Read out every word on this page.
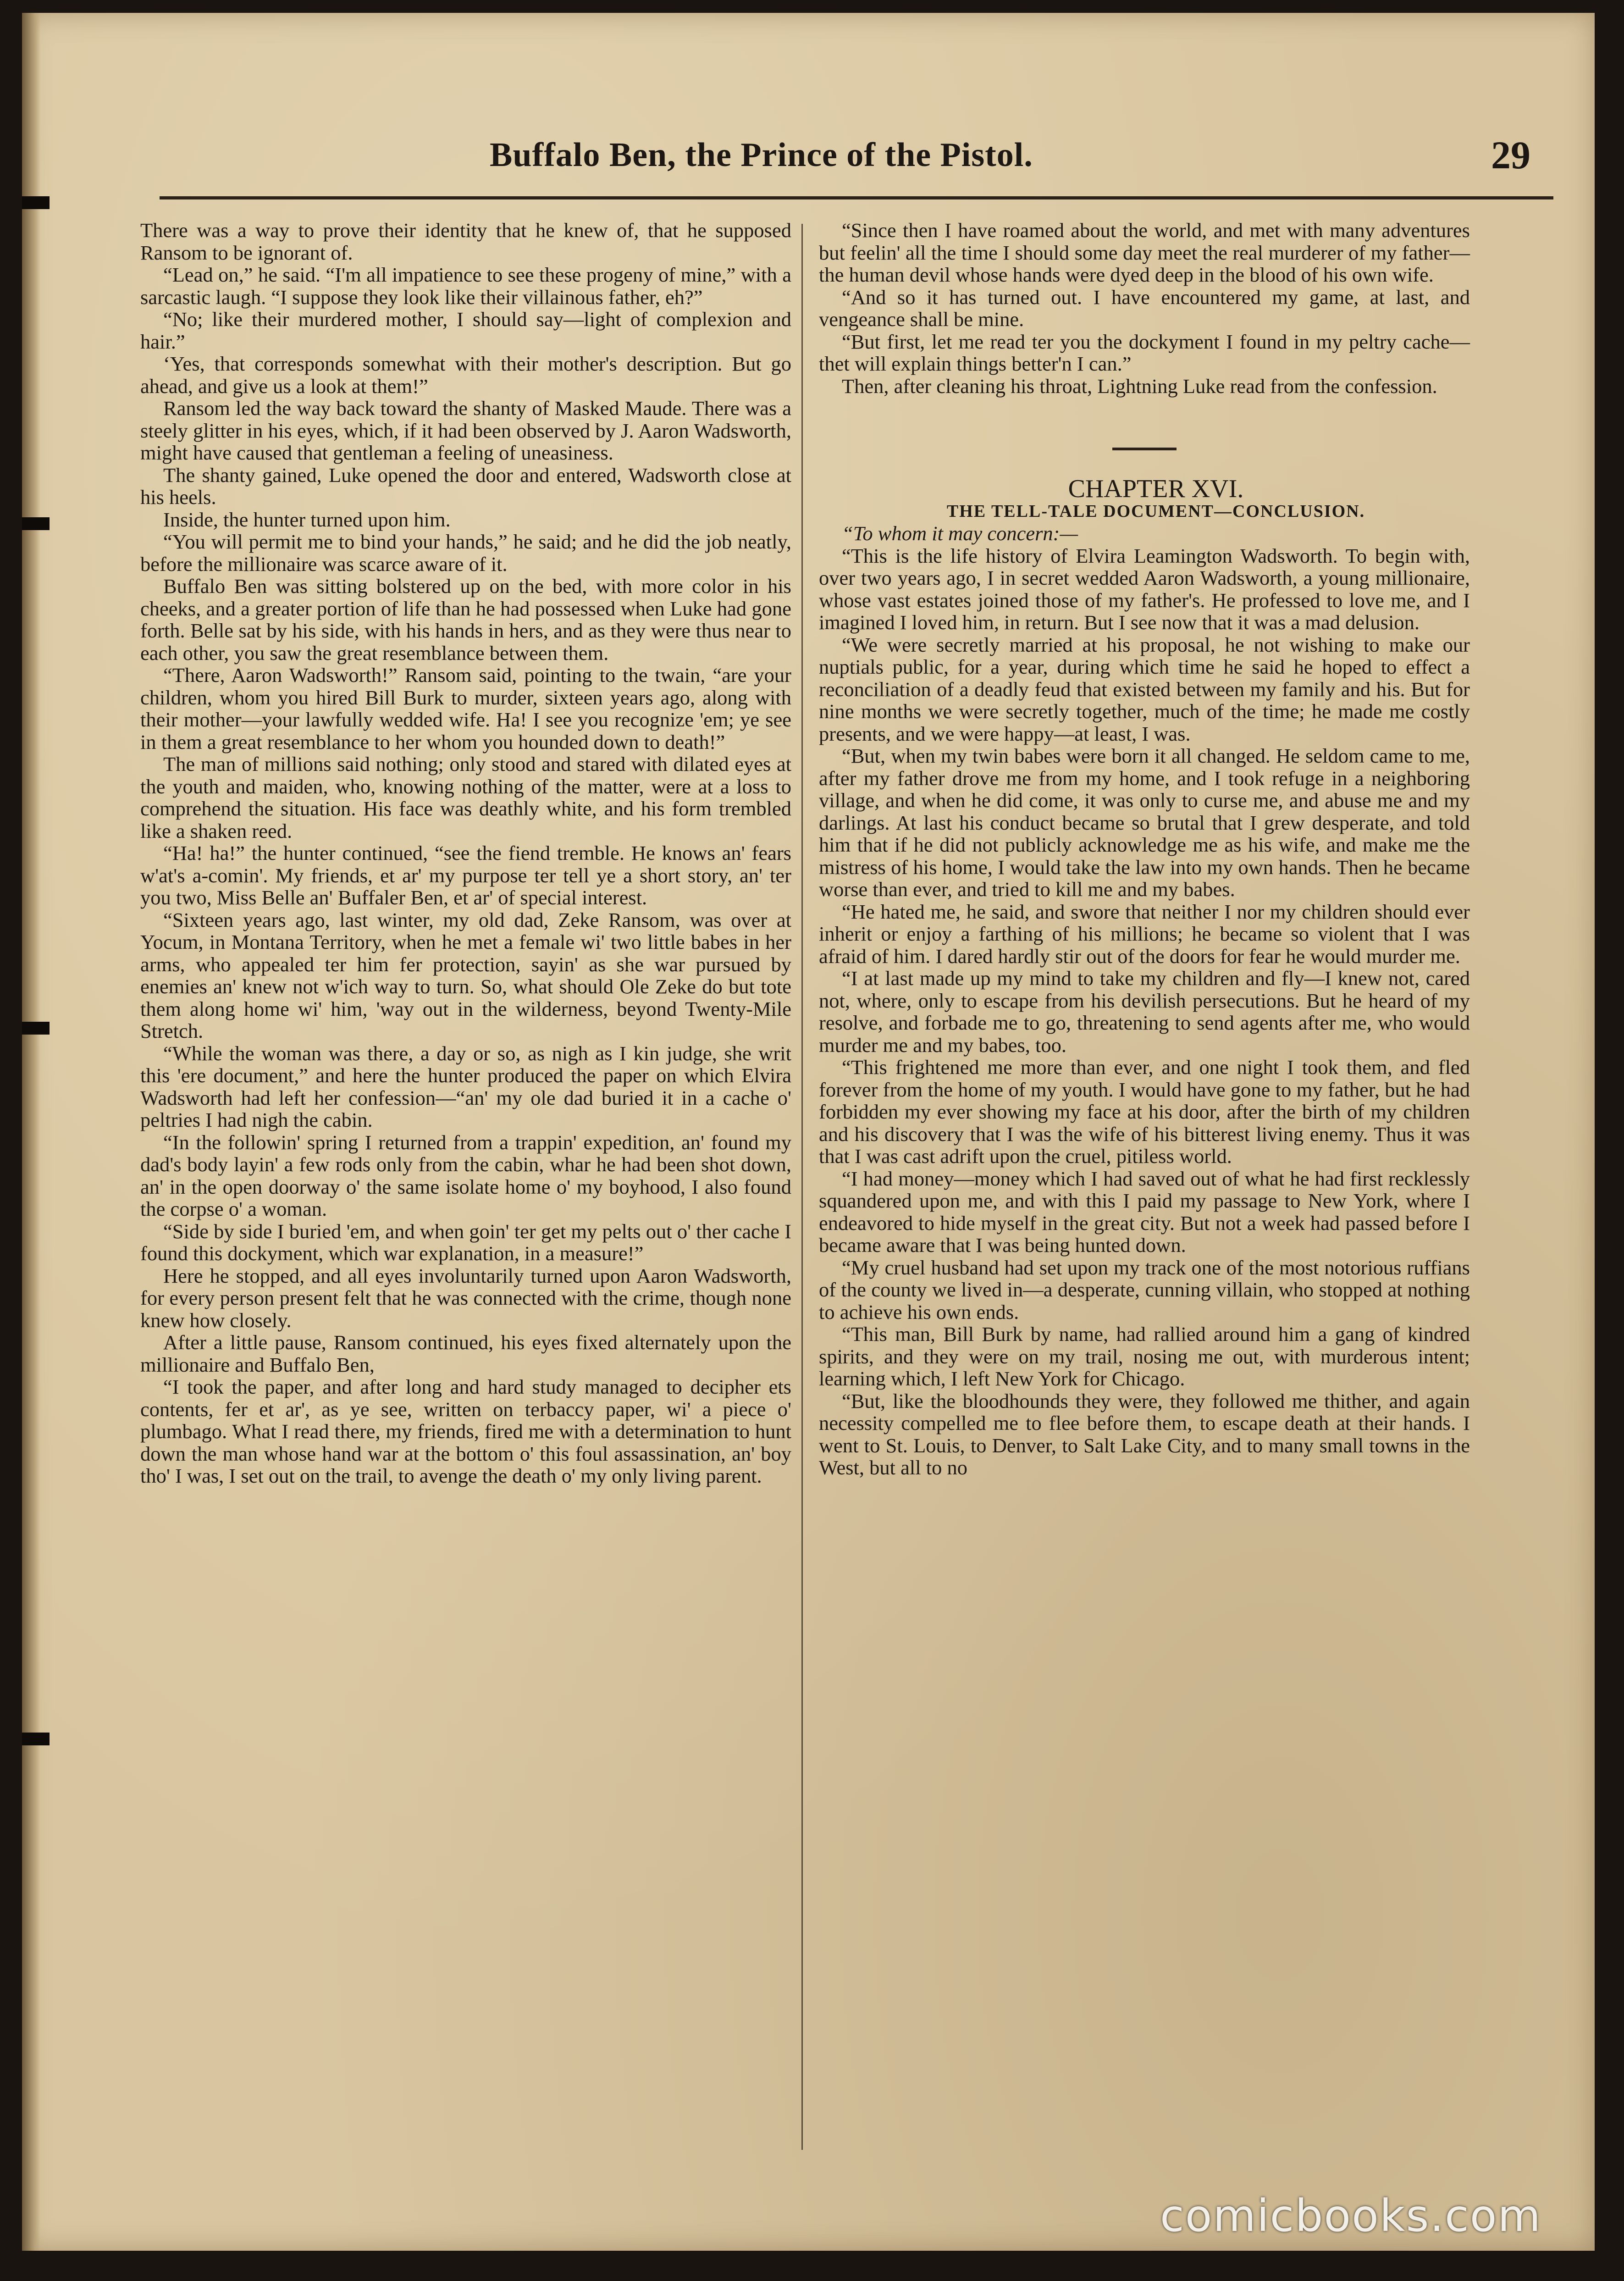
Buffalo Ben, the Prince of the Pistol.	29

There was a way to prove their identity that he knew of, that he supposed Ransom to be ignorant of.

“Lead on,” he said. “I'm all impatience to see these progeny of mine,” with a sarcastic laugh. “I suppose they look like their villainous father, eh?”

“No; like their murdered mother, I should say—light of complexion and hair.”

‘Yes, that corresponds somewhat with their mother's description. But go ahead, and give us a look at them!”

Ransom led the way back toward the shanty of Masked Maude. There was a steely glitter in his eyes, which, if it had been observed by J. Aaron Wadsworth, might have caused that gentleman a feeling of uneasiness.

The shanty gained, Luke opened the door and entered, Wadsworth close at his heels.

Inside, the hunter turned upon him.

“You will permit me to bind your hands,” he said; and he did the job neatly, before the millionaire was scarce aware of it.

Buffalo Ben was sitting bolstered up on the bed, with more color in his cheeks, and a greater portion of life than he had possessed when Luke had gone forth. Belle sat by his side, with his hands in hers, and as they were thus near to each other, you saw the great resemblance between them.

“There, Aaron Wadsworth!” Ransom said, pointing to the twain, “are your children, whom you hired Bill Burk to murder, sixteen years ago, along with their mother—your lawfully wedded wife. Ha! I see you recognize 'em; ye see in them a great resemblance to her whom you hounded down to death!”

The man of millions said nothing; only stood and stared with dilated eyes at the youth and maiden, who, knowing nothing of the matter, were at a loss to comprehend the situation. His face was deathly white, and his form trembled like a shaken reed.

“Ha! ha!” the hunter continued, “see the fiend tremble. He knows an' fears w'at's a-comin'. My friends, et ar' my purpose ter tell ye a short story, an' ter you two, Miss Belle an' Buffaler Ben, et ar' of special interest.

“Sixteen years ago, last winter, my old dad, Zeke Ransom, was over at Yocum, in Montana Territory, when he met a female wi' two little babes in her arms, who appealed ter him fer protection, sayin' as she war pursued by enemies an' knew not w'ich way to turn. So, what should Ole Zeke do but tote them along home wi' him, 'way out in the wilderness, beyond Twenty-Mile Stretch.

“While the woman was there, a day or so, as nigh as I kin judge, she writ this 'ere document,” and here the hunter produced the paper on which Elvira Wadsworth had left her confession—“an' my ole dad buried it in a cache o' peltries I had nigh the cabin.

“In the followin' spring I returned from a trappin' expedition, an' found my dad's body layin' a few rods only from the cabin, whar he had been shot down, an' in the open doorway o' the same isolate home o' my boyhood, I also found the corpse o' a woman.

“Side by side I buried 'em, and when goin' ter get my pelts out o' ther cache I found this dockyment, which war explanation, in a measure!”

Here he stopped, and all eyes involuntarily turned upon Aaron Wadsworth, for every person present felt that he was connected with the crime, though none knew how closely.

After a little pause, Ransom continued, his eyes fixed alternately upon the millionaire and Buffalo Ben,

“I took the paper, and after long and hard study managed to decipher ets contents, fer et ar', as ye see, written on terbaccy paper, wi' a piece o' plumbago. What I read there, my friends, fired me with a determination to hunt down the man whose hand war at the bottom o' this foul assassination, an' boy tho' I was, I set out on the trail, to avenge the death o' my only living parent.

“Since then I have roamed about the world, and met with many adventures but feelin' all the time I should some day meet the real murderer of my father—the human devil whose hands were dyed deep in the blood of his own wife.

“And so it has turned out. I have encountered my game, at last, and vengeance shall be mine.

“But first, let me read ter you the dockyment I found in my peltry cache—thet will explain things better'n I can.”

Then, after cleaning his throat, Lightning Luke read from the confession.

CHAPTER XVI.

THE TELL-TALE DOCUMENT—CONCLUSION.

“To whom it may concern:—

“This is the life history of Elvira Leamington Wadsworth. To begin with, over two years ago, I in secret wedded Aaron Wadsworth, a young millionaire, whose vast estates joined those of my father's. He professed to love me, and I imagined I loved him, in return. But I see now that it was a mad delusion.

“We were secretly married at his proposal, he not wishing to make our nuptials public, for a year, during which time he said he hoped to effect a reconciliation of a deadly feud that existed between my family and his. But for nine months we were secretly together, much of the time; he made me costly presents, and we were happy—at least, I was.

“But, when my twin babes were born it all changed. He seldom came to me, after my father drove me from my home, and I took refuge in a neighboring village, and when he did come, it was only to curse me, and abuse me and my darlings. At last his conduct became so brutal that I grew desperate, and told him that if he did not publicly acknowledge me as his wife, and make me the mistress of his home, I would take the law into my own hands. Then he became worse than ever, and tried to kill me and my babes.

“He hated me, he said, and swore that neither I nor my children should ever inherit or enjoy a farthing of his millions; he became so violent that I was afraid of him. I dared hardly stir out of the doors for fear he would murder me.

“I at last made up my mind to take my children and fly—I knew not, cared not, where, only to escape from his devilish persecutions. But he heard of my resolve, and forbade me to go, threatening to send agents after me, who would murder me and my babes, too.

“This frightened me more than ever, and one night I took them, and fled forever from the home of my youth. I would have gone to my father, but he had forbidden my ever showing my face at his door, after the birth of my children and his discovery that I was the wife of his bitterest living enemy. Thus it was that I was cast adrift upon the cruel, pitiless world.

“I had money—money which I had saved out of what he had first recklessly squandered upon me, and with this I paid my passage to New York, where I endeavored to hide myself in the great city. But not a week had passed before I became aware that I was being hunted down.

“My cruel husband had set upon my track one of the most notorious ruffians of the county we lived in—a desperate, cunning villain, who stopped at nothing to achieve his own ends.

“This man, Bill Burk by name, had rallied around him a gang of kindred spirits, and they were on my trail, nosing me out, with murderous intent; learning which, I left New York for Chicago.

“But, like the bloodhounds they were, they followed me thither, and again necessity compelled me to flee before them, to escape death at their hands. I went to St. Louis, to Denver, to Salt Lake City, and to many small towns in the West, but all to no

comicbooks.com
